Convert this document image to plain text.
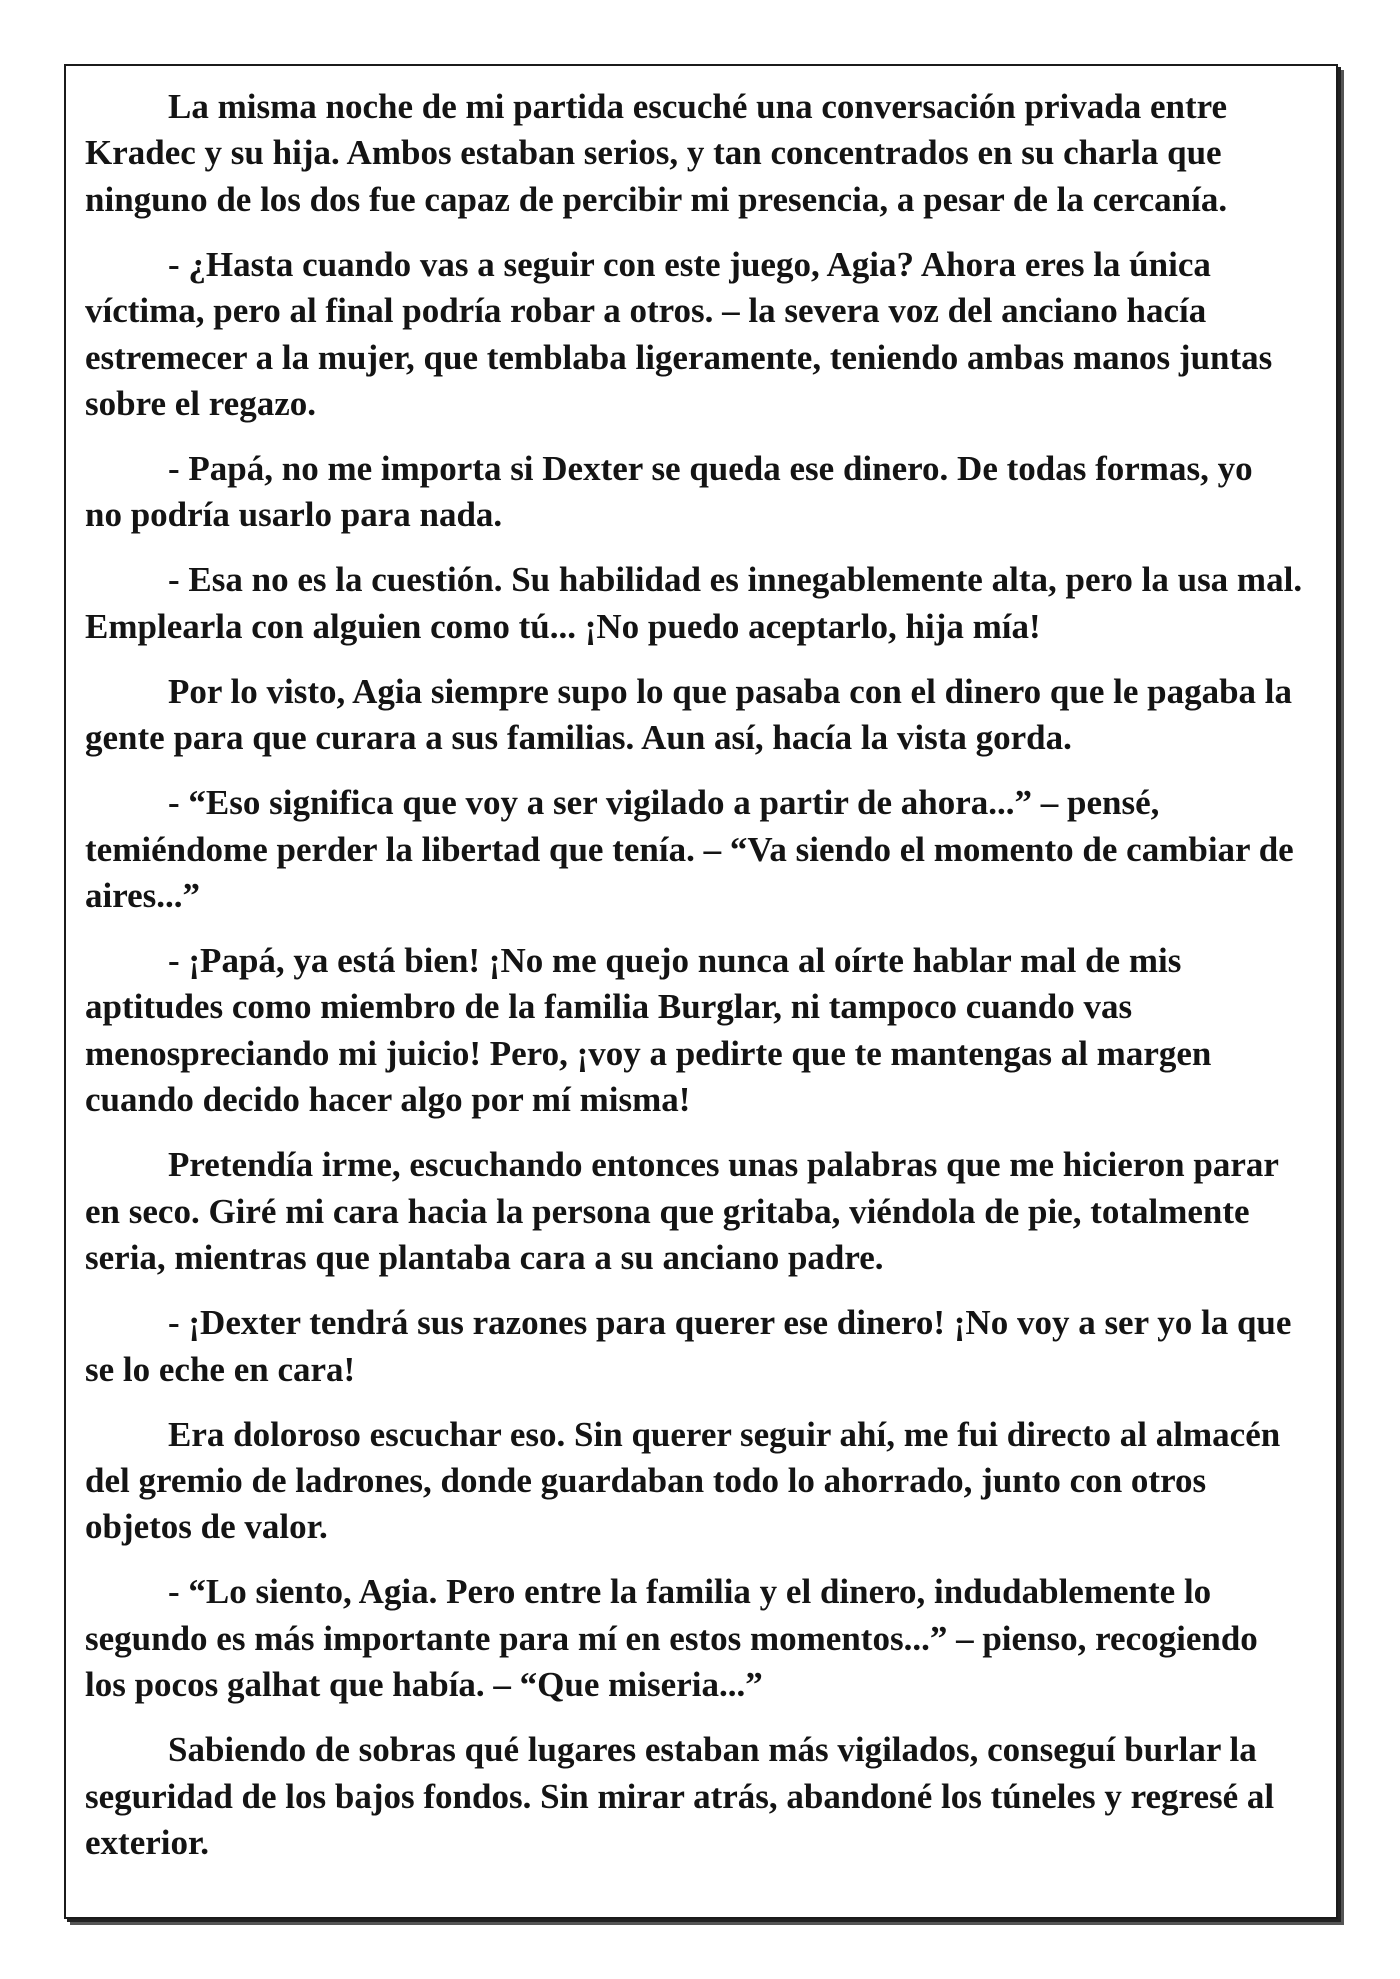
La misma noche de mi partida escuché una conversación privada entre
Kradec y su hija. Ambos estaban serios, y tan concentrados en su charla que
ninguno de los dos fue capaz de percibir mi presencia, a pesar de la cercanía.
- ¿Hasta cuando vas a seguir con este juego, Agia? Ahora eres la única
víctima, pero al final podría robar a otros. – la severa voz del anciano hacía
estremecer a la mujer, que temblaba ligeramente, teniendo ambas manos juntas
sobre el regazo.
- Papá, no me importa si Dexter se queda ese dinero. De todas formas, yo
no podría usarlo para nada.
- Esa no es la cuestión. Su habilidad es innegablemente alta, pero la usa mal.
Emplearla con alguien como tú... ¡No puedo aceptarlo, hija mía!
Por lo visto, Agia siempre supo lo que pasaba con el dinero que le pagaba la
gente para que curara a sus familias. Aun así, hacía la vista gorda.
- “Eso significa que voy a ser vigilado a partir de ahora...” – pensé,
temiéndome perder la libertad que tenía. – “Va siendo el momento de cambiar de
aires...”
- ¡Papá, ya está bien! ¡No me quejo nunca al oírte hablar mal de mis
aptitudes como miembro de la familia Burglar, ni tampoco cuando vas
menospreciando mi juicio! Pero, ¡voy a pedirte que te mantengas al margen
cuando decido hacer algo por mí misma!
Pretendía irme, escuchando entonces unas palabras que me hicieron parar
en seco. Giré mi cara hacia la persona que gritaba, viéndola de pie, totalmente
seria, mientras que plantaba cara a su anciano padre.
- ¡Dexter tendrá sus razones para querer ese dinero! ¡No voy a ser yo la que
se lo eche en cara!
Era doloroso escuchar eso. Sin querer seguir ahí, me fui directo al almacén
del gremio de ladrones, donde guardaban todo lo ahorrado, junto con otros
objetos de valor.
- “Lo siento, Agia. Pero entre la familia y el dinero, indudablemente lo
segundo es más importante para mí en estos momentos...” – pienso, recogiendo
los pocos galhat que había. – “Que miseria...”
Sabiendo de sobras qué lugares estaban más vigilados, conseguí burlar la
seguridad de los bajos fondos. Sin mirar atrás, abandoné los túneles y regresé al
exterior.
